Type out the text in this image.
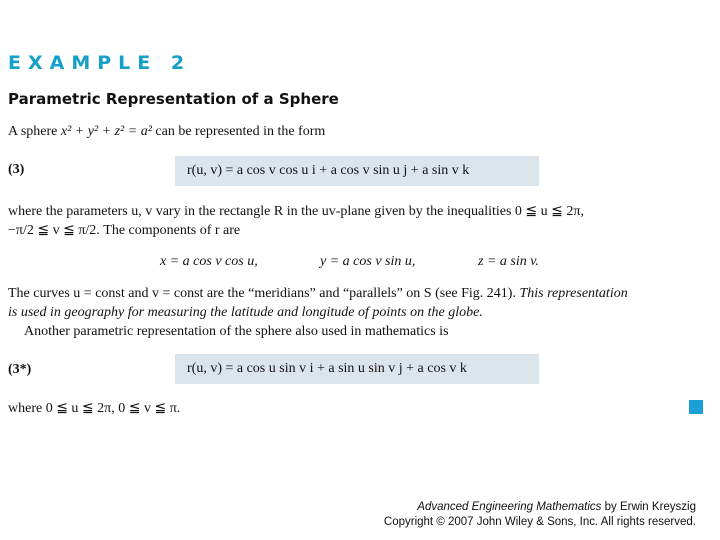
EXAMPLE 2
Parametric Representation of a Sphere
A sphere x² + y² + z² = a² can be represented in the form
(3)	r(u, v) = a cos v cos u i + a cos v sin u j + a sin v k
where the parameters u, v vary in the rectangle R in the uv-plane given by the inequalities 0 ≦ u ≦ 2π,
−π/2 ≦ v ≦ π/2. The components of r are
x = a cos v cos u,	y = a cos v sin u,	z = a sin v.
The curves u = const and v = const are the “meridians” and “parallels” on S (see Fig. 241). This representation
is used in geography for measuring the latitude and longitude of points on the globe.
Another parametric representation of the sphere also used in mathematics is
(3*)	r(u, v) = a cos u sin v i + a sin u sin v j + a cos v k
where 0 ≦ u ≦ 2π, 0 ≦ v ≦ π.
Advanced Engineering Mathematics by Erwin Kreyszig
Copyright © 2007 John Wiley & Sons, Inc. All rights reserved.
